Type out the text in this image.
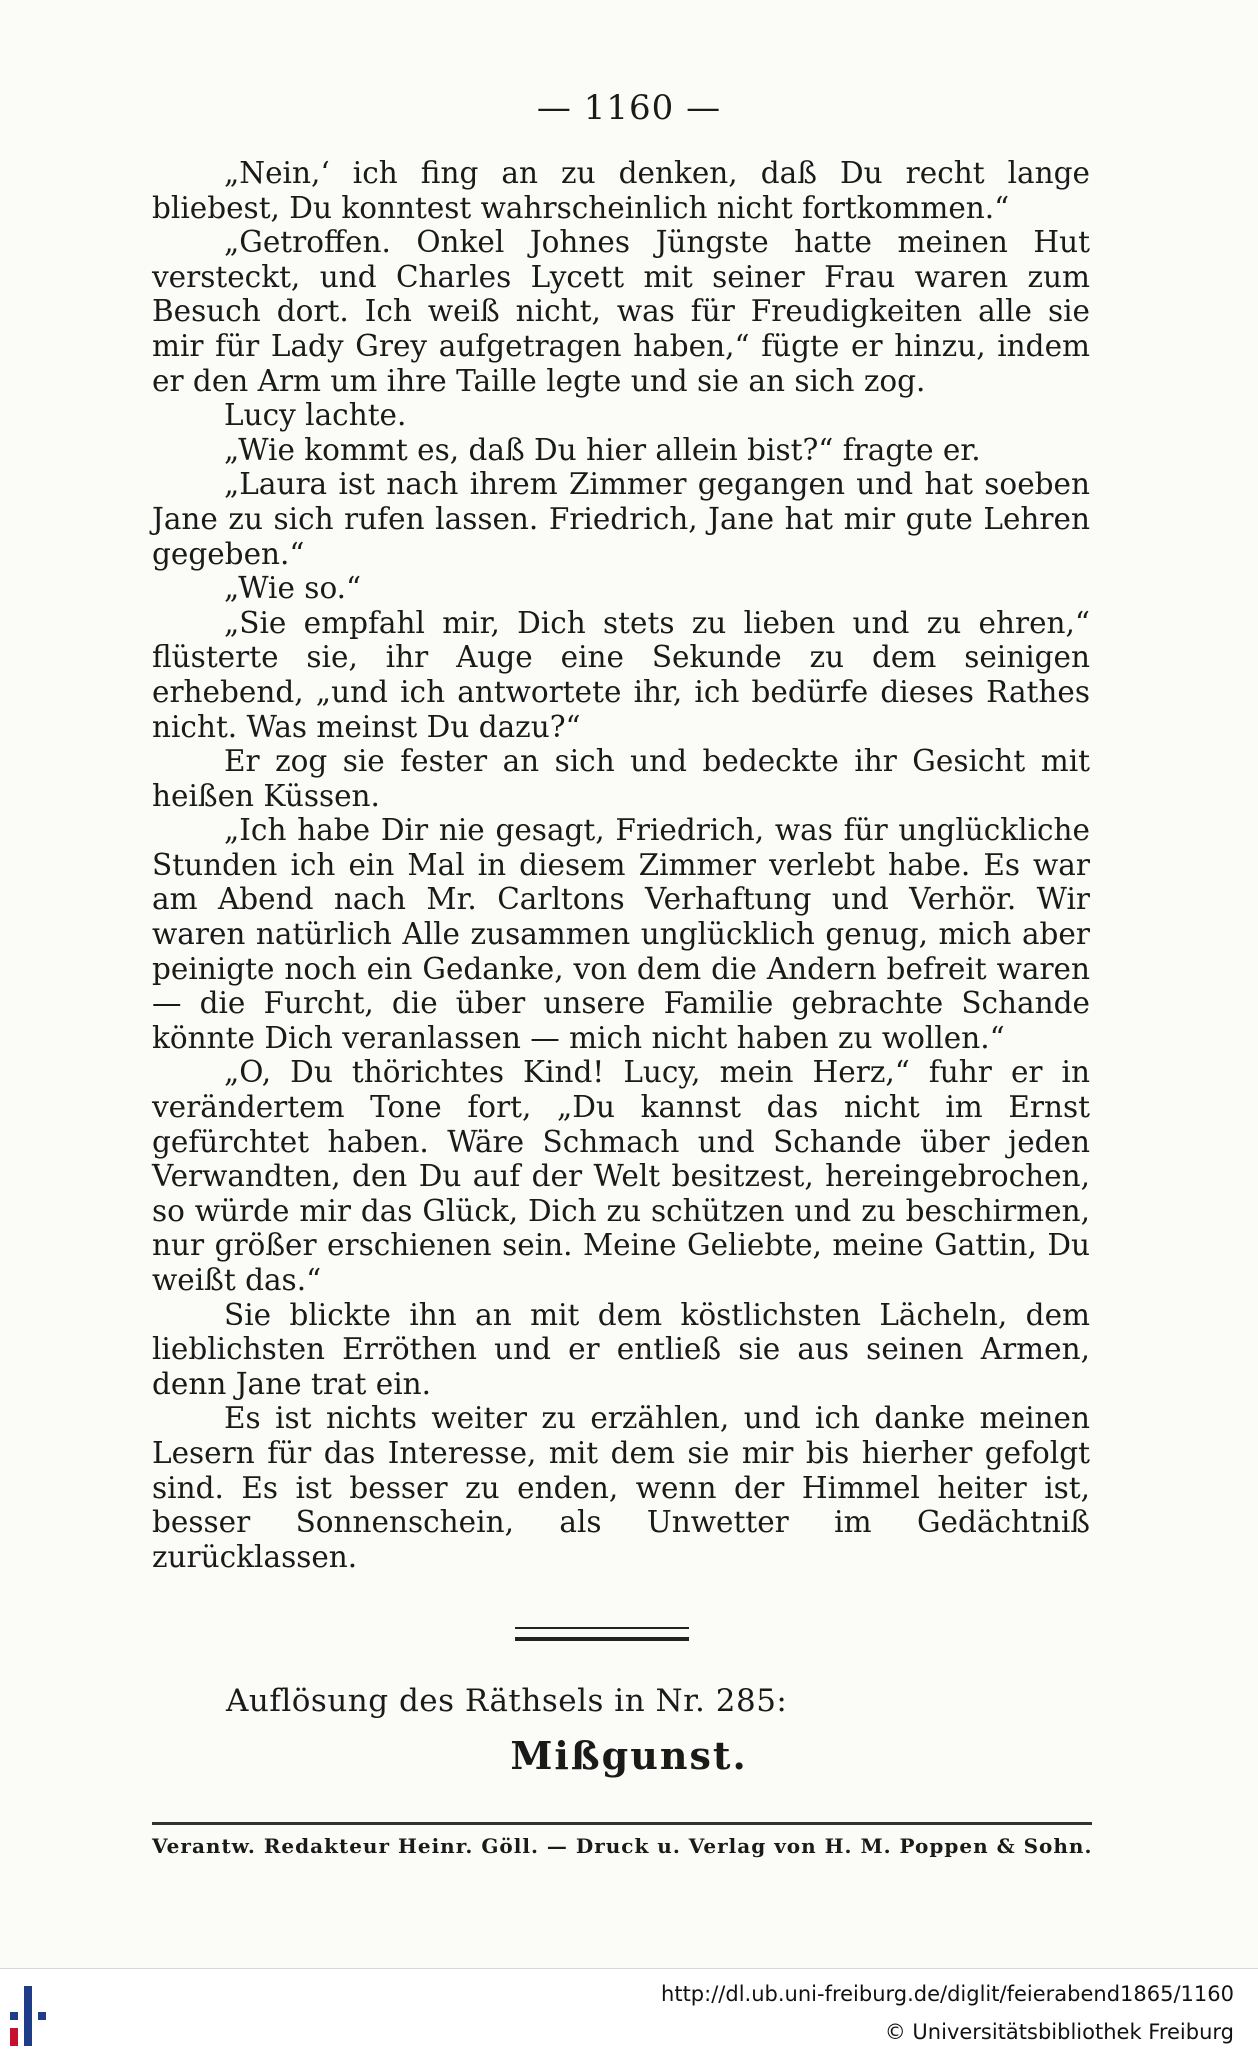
— 1160 —

„Nein,‘ ich fing an zu denken, daß Du recht lange bliebest, Du konntest wahrscheinlich nicht fortkommen.“

„Getroffen. Onkel Johnes Jüngste hatte meinen Hut versteckt, und Charles Lycett mit seiner Frau waren zum Besuch dort. Ich weiß nicht, was für Freudigkeiten alle sie mir für Lady Grey aufgetragen haben,“ fügte er hinzu, indem er den Arm um ihre Taille legte und sie an sich zog.

Lucy lachte.

„Wie kommt es, daß Du hier allein bist?“ fragte er.

„Laura ist nach ihrem Zimmer gegangen und hat soeben Jane zu sich rufen lassen. Friedrich, Jane hat mir gute Lehren gegeben.“

„Wie so.“

„Sie empfahl mir, Dich stets zu lieben und zu ehren,“ flüsterte sie, ihr Auge eine Sekunde zu dem seinigen erhebend, „und ich antwortete ihr, ich bedürfe dieses Rathes nicht. Was meinst Du dazu?“

Er zog sie fester an sich und bedeckte ihr Gesicht mit heißen Küssen.

„Ich habe Dir nie gesagt, Friedrich, was für unglückliche Stunden ich ein Mal in diesem Zimmer verlebt habe. Es war am Abend nach Mr. Carltons Verhaftung und Verhör. Wir waren natürlich Alle zusammen unglücklich genug, mich aber peinigte noch ein Gedanke, von dem die Andern befreit waren — die Furcht, die über unsere Familie gebrachte Schande könnte Dich veranlassen — mich nicht haben zu wollen.“

„O, Du thörichtes Kind! Lucy, mein Herz,“ fuhr er in verändertem Tone fort, „Du kannst das nicht im Ernst gefürchtet haben. Wäre Schmach und Schande über jeden Verwandten, den Du auf der Welt besitzest, hereingebrochen, so würde mir das Glück, Dich zu schützen und zu beschirmen, nur größer erschienen sein. Meine Geliebte, meine Gattin, Du weißt das.“

Sie blickte ihn an mit dem köstlichsten Lächeln, dem lieblichsten Erröthen und er entließ sie aus seinen Armen, denn Jane trat ein.

Es ist nichts weiter zu erzählen, und ich danke meinen Lesern für das Interesse, mit dem sie mir bis hierher gefolgt sind. Es ist besser zu enden, wenn der Himmel heiter ist, besser Sonnenschein, als Unwetter im Gedächtniß zurücklassen.

Auflösung des Räthsels in Nr. 285:
Mißgunst.
Verantw. Redakteur Heinr. Göll. — Druck u. Verlag von H. M. Poppen & Sohn.
http://dl.ub.uni-freiburg.de/diglit/feierabend1865/1160
© Universitätsbibliothek Freiburg
